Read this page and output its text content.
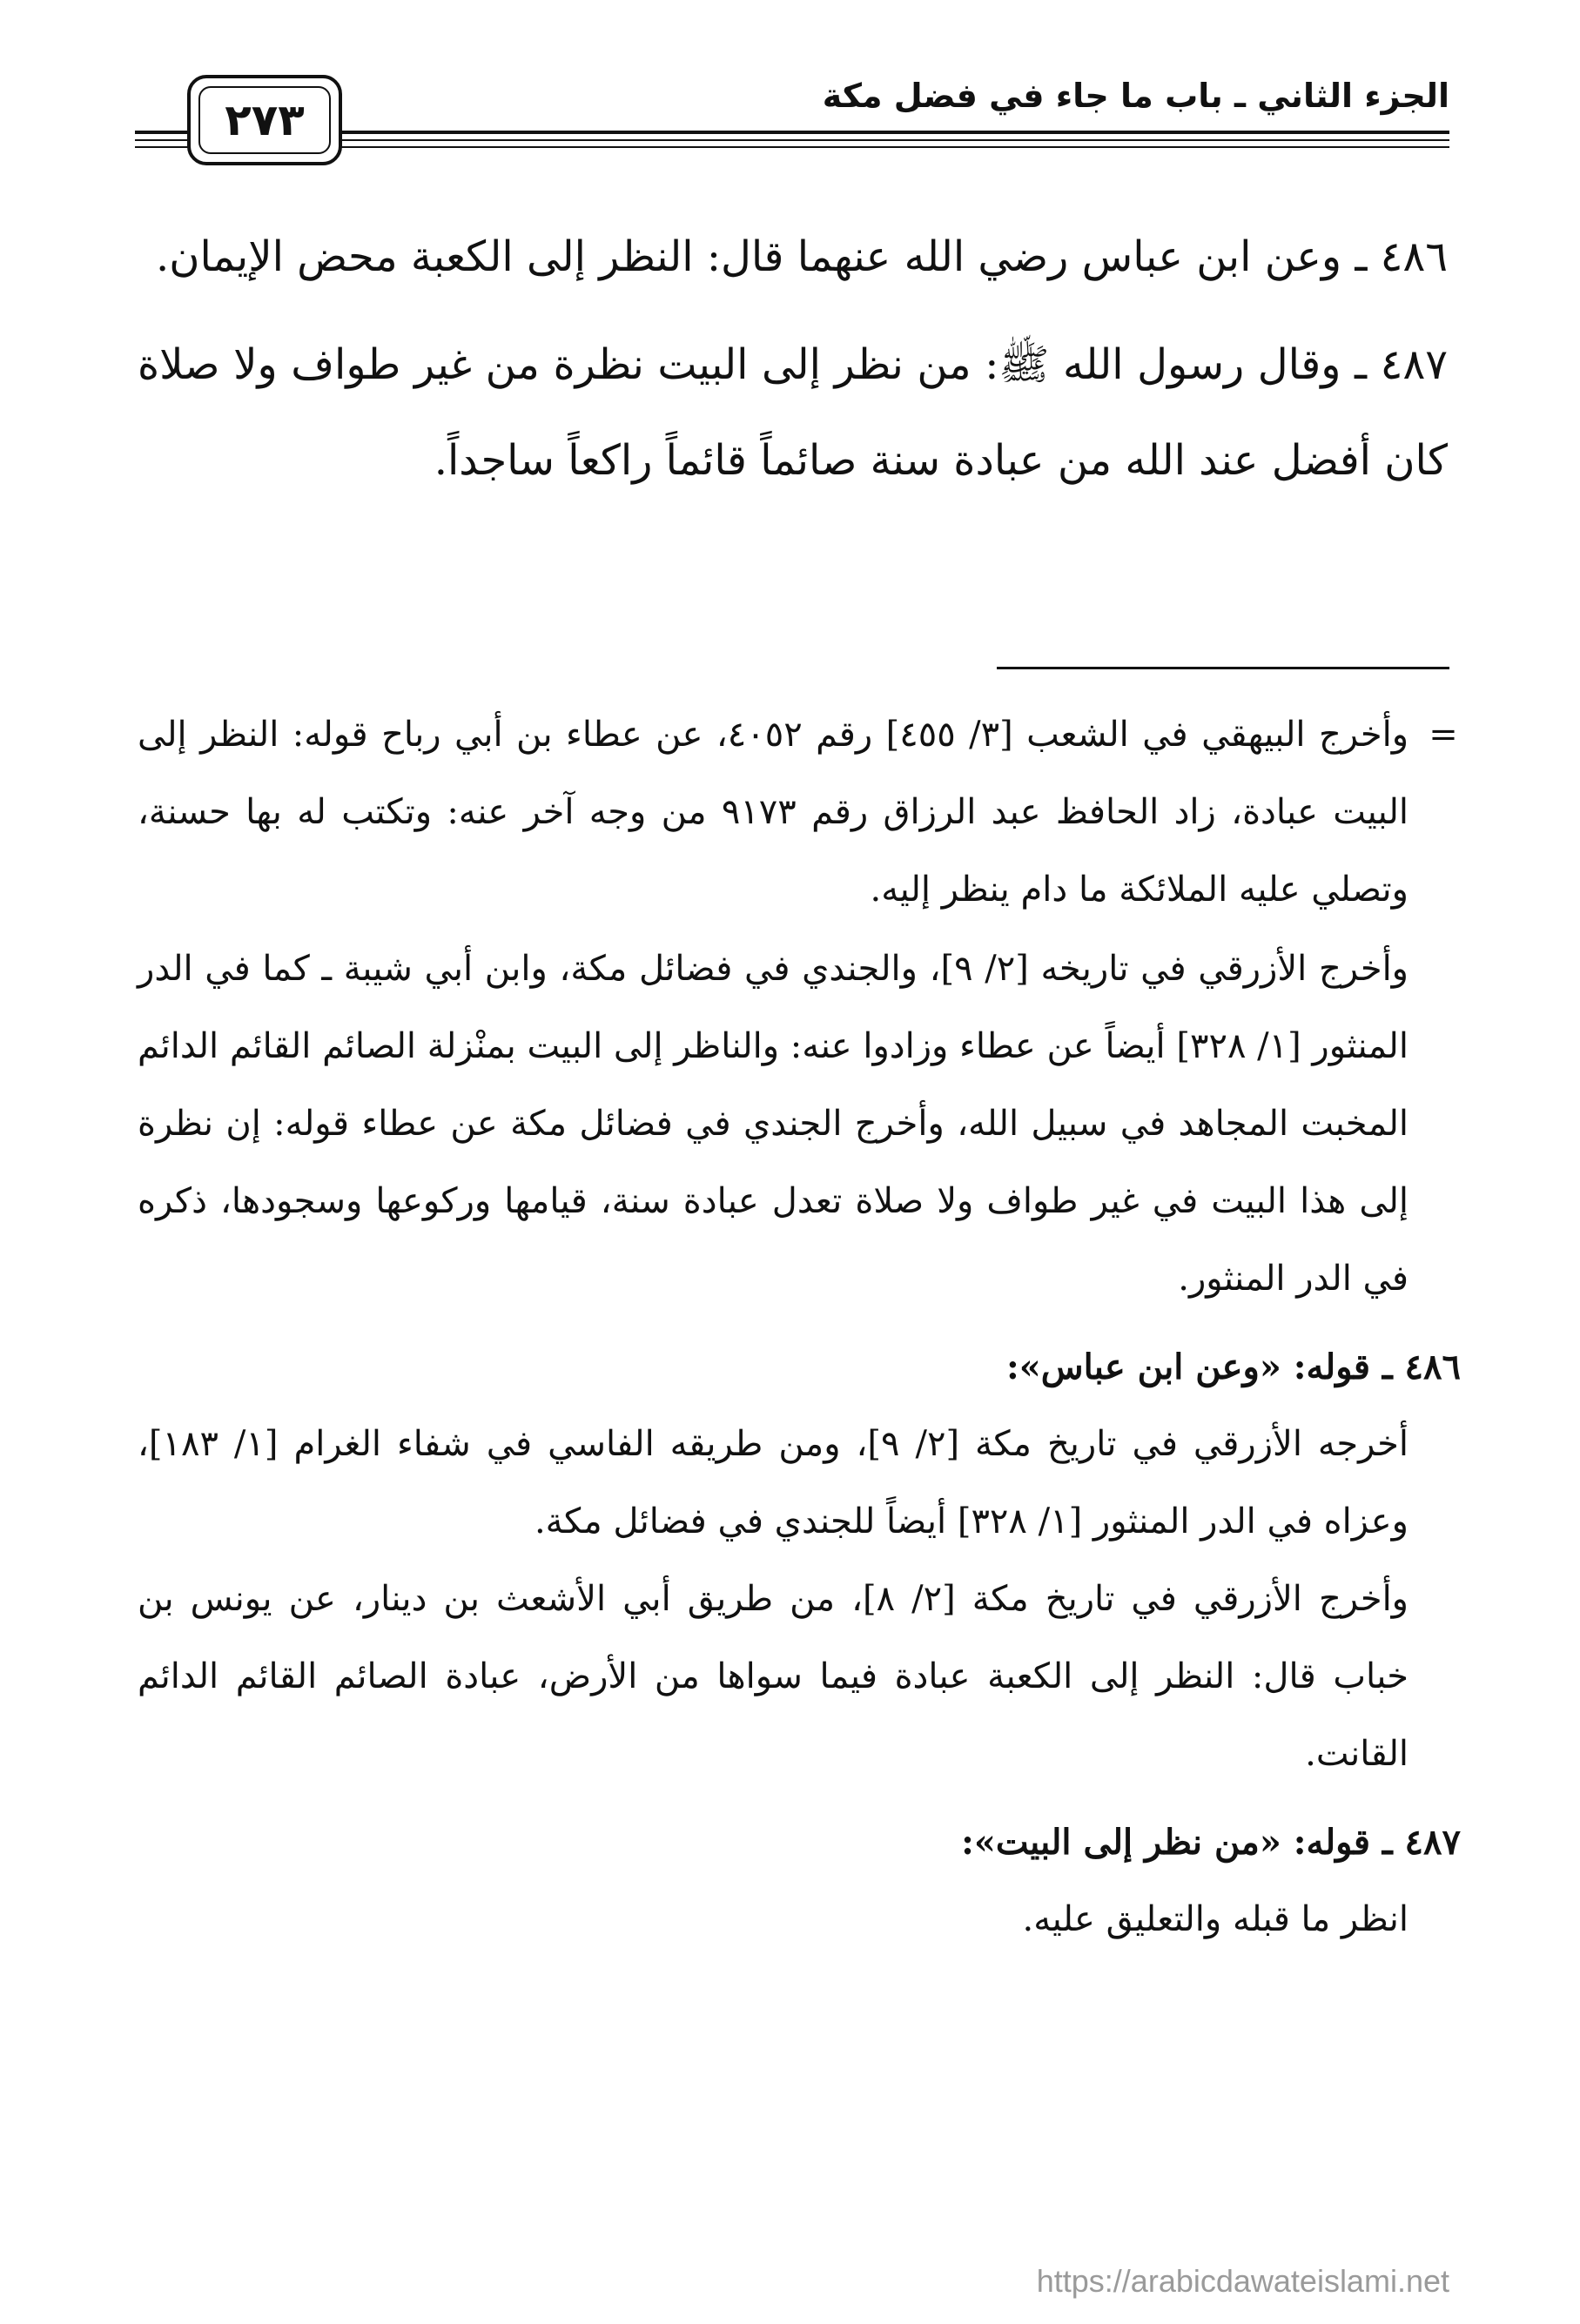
الجزء الثاني ـ باب ما جاء في فضل مكة
٢٧٣

٤٨٦ ـ وعن ابن عباس رضي الله عنهما قال: النظر إلى الكعبة محض الإيمان.

٤٨٧ ـ وقال رسول الله ﷺ: من نظر إلى البيت نظرة من غير طواف ولا صلاة كان أفضل عند الله من عبادة سنة صائماً قائماً راكعاً ساجداً.

=

وأخرج البيهقي في الشعب [٣/ ٤٥٥] رقم ٤٠٥٢، عن عطاء بن أبي رباح قوله: النظر إلى البيت عبادة، زاد الحافظ عبد الرزاق رقم ٩١٧٣ من وجه آخر عنه: وتكتب له بها حسنة، وتصلي عليه الملائكة ما دام ينظر إليه.

وأخرج الأزرقي في تاريخه [٢/ ٩]، والجندي في فضائل مكة، وابن أبي شيبة ـ كما في الدر المنثور [١/ ٣٢٨] أيضاً عن عطاء وزادوا عنه: والناظر إلى البيت بمنْزلة الصائم القائم الدائم المخبت المجاهد في سبيل الله، وأخرج الجندي في فضائل مكة عن عطاء قوله: إن نظرة إلى هذا البيت في غير طواف ولا صلاة تعدل عبادة سنة، قيامها وركوعها وسجودها، ذكره في الدر المنثور.

٤٨٦ ـ قوله: «وعن ابن عباس»:

أخرجه الأزرقي في تاريخ مكة [٢/ ٩]، ومن طريقه الفاسي في شفاء الغرام [١/ ١٨٣]، وعزاه في الدر المنثور [١/ ٣٢٨] أيضاً للجندي في فضائل مكة.

وأخرج الأزرقي في تاريخ مكة [٢/ ٨]، من طريق أبي الأشعث بن دينار، عن يونس بن خباب قال: النظر إلى الكعبة عبادة فيما سواها من الأرض، عبادة الصائم القائم الدائم القانت.

٤٨٧ ـ قوله: «من نظر إلى البيت»:

انظر ما قبله والتعليق عليه.

https://arabicdawateislami.net
